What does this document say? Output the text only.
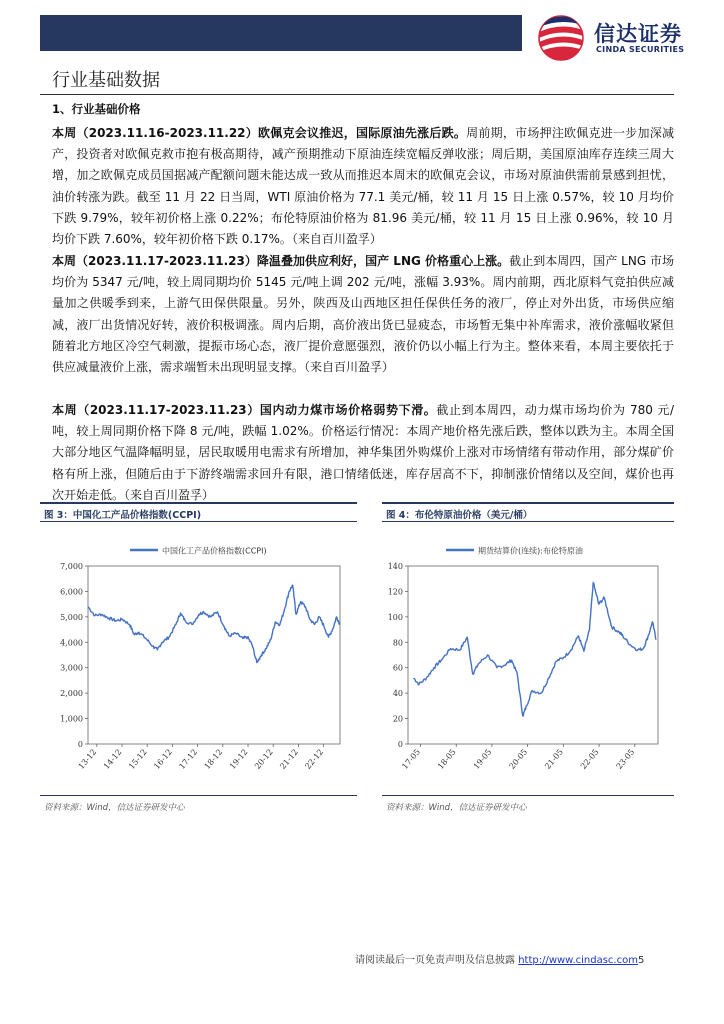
信达证券
CINDA SECURITIES
行业基础数据
1、行业基础价格
本周（2023.11.16-2023.11.22）欧佩克会议推迟，国际原油先涨后跌。周前期，市场押注欧佩克进一步加深减产，投资者对欧佩克救市抱有极高期待，减产预期推动下原油连续宽幅反弹收涨；周后期，美国原油库存连续三周大增，加之欧佩克成员国据减产配额问题未能达成一致从而推迟本周末的欧佩克会议，市场对原油供需前景感到担忧，油价转涨为跌。截至 11 月 22 日当周，WTI 原油价格为 77.1 美元/桶，较 11 月 15 日上涨 0.57%，较 10 月均价下跌 9.79%，较年初价格上涨 0.22%；布伦特原油价格为 81.96 美元/桶，较 11 月 15 日上涨 0.96%，较 10 月均价下跌 7.60%，较年初价格下跌 0.17%。（来自百川盈孚）
本周（2023.11.17-2023.11.23）降温叠加供应利好，国产 LNG 价格重心上涨。截止到本周四，国产 LNG 市场均价为 5347 元/吨，较上周同期均价 5145 元/吨上调 202 元/吨，涨幅 3.93%。周内前期，西北原料气竞拍供应减量加之供暖季到来，上游气田保供限量。另外，陕西及山西地区担任保供任务的液厂，停止对外出货，市场供应缩减，液厂出货情况好转，液价积极调涨。周内后期，高价液出货已显疲态，市场暂无集中补库需求，液价涨幅收紧但随着北方地区冷空气刺激，提振市场心态，液厂提价意愿强烈，液价仍以小幅上行为主。整体来看，本周主要依托于供应减量液价上涨，需求端暂未出现明显支撑。（来自百川盈孚）
本周（2023.11.17-2023.11.23）国内动力煤市场价格弱势下滑。截止到本周四，动力煤市场均价为 780 元/吨，较上周同期价格下降 8 元/吨，跌幅 1.02%。价格运行情况：本周产地价格先涨后跌，整体以跌为主。本周全国大部分地区气温降幅明显，居民取暖用电需求有所增加，神华集团外购煤价上涨对市场情绪有带动作用，部分煤矿价格有所上涨，但随后由于下游终端需求回升有限，港口情绪低迷，库存居高不下，抑制涨价情绪以及空间，煤价也再次开始走低。（来自百川盈孚）
图 3：中国化工产品价格指数(CCPI)
中国化工产品价格指数(CCPI)
0
1,000
2,000
3,000
4,000
5,000
6,000
7,000
13-12 14-12 15-12 16-12 17-12 18-12 19-12 20-12 21-12 22-12
资料来源：Wind，信达证券研发中心
图 4：布伦特原油价格（美元/桶）
期货结算价(连续):布伦特原油
0
20
40
60
80
100
120
140
17-05 18-05 19-05 20-05 21-05 22-05 23-05
资料来源：Wind，信达证券研发中心
请阅读最后一页免责声明及信息披露 http://www.cindasc.com5
